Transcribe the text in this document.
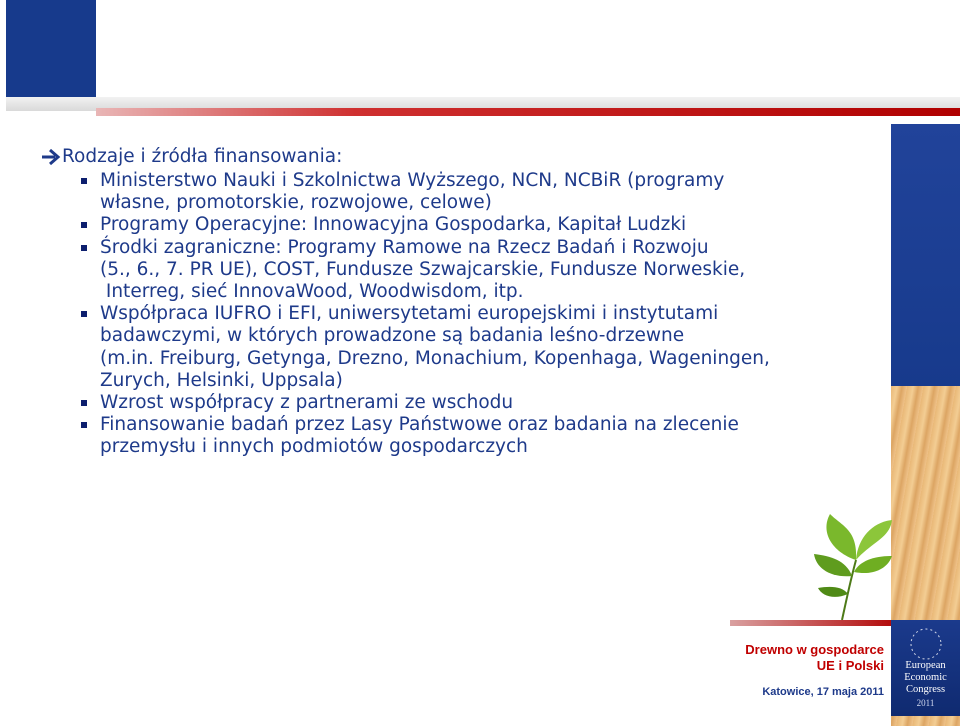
Rodzaje i źródła finansowania:
Ministerstwo Nauki i Szkolnictwa Wyższego, NCN, NCBiR (programy
własne, promotorskie, rozwojowe, celowe)
Programy Operacyjne: Innowacyjna Gospodarka, Kapitał Ludzki
Środki zagraniczne: Programy Ramowe na Rzecz Badań i Rozwoju
(5., 6., 7. PR UE), COST, Fundusze Szwajcarskie, Fundusze Norweskie,
Interreg, sieć InnovaWood, Woodwisdom, itp.
Współpraca IUFRO i EFI, uniwersytetami europejskimi i instytutami
badawczymi, w których prowadzone są badania leśno-drzewne
(m.in. Freiburg, Getynga, Drezno, Monachium, Kopenhaga, Wageningen,
Zurych, Helsinki, Uppsala)
Wzrost współpracy z partnerami ze wschodu
Finansowanie badań przez Lasy Państwowe oraz badania na zlecenie
przemysłu i innych podmiotów gospodarczych
Drewno w gospodarce
UE i Polski
Katowice, 17 maja 2011
European
Economic
Congress
2011
